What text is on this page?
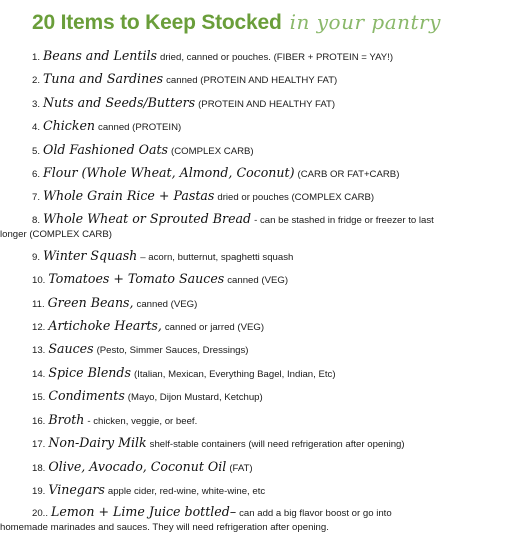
20 Items to Keep Stocked in your pantry
1. Beans and Lentils dried, canned or pouches. (FIBER + PROTEIN = YAY!)
2. Tuna and Sardines canned (PROTEIN AND HEALTHY FAT)
3. Nuts and Seeds/Butters (PROTEIN AND HEALTHY FAT)
4. Chicken canned (PROTEIN)
5. Old Fashioned Oats (COMPLEX CARB)
6. Flour (Whole Wheat, Almond, Coconut) (CARB OR FAT+CARB)
7. Whole Grain Rice + Pastas dried or pouches (COMPLEX CARB)
8. Whole Wheat or Sprouted Bread - can be stashed in fridge or freezer to last
longer (COMPLEX CARB)
9. Winter Squash – acorn, butternut, spaghetti squash
10. Tomatoes + Tomato Sauces canned (VEG)
11. Green Beans, canned (VEG)
12. Artichoke Hearts, canned or jarred (VEG)
13. Sauces (Pesto, Simmer Sauces, Dressings)
14. Spice Blends (Italian, Mexican, Everything Bagel, Indian, Etc)
15. Condiments (Mayo, Dijon Mustard, Ketchup)
16. Broth - chicken, veggie, or beef.
17. Non-Dairy Milk shelf-stable containers (will need refrigeration after opening)
18. Olive, Avocado, Coconut Oil (FAT)
19. Vinegars apple cider, red-wine, white-wine, etc
20.. Lemon + Lime Juice bottled– can add a big flavor boost or go into
homemade marinades and sauces. They will need refrigeration after opening.
